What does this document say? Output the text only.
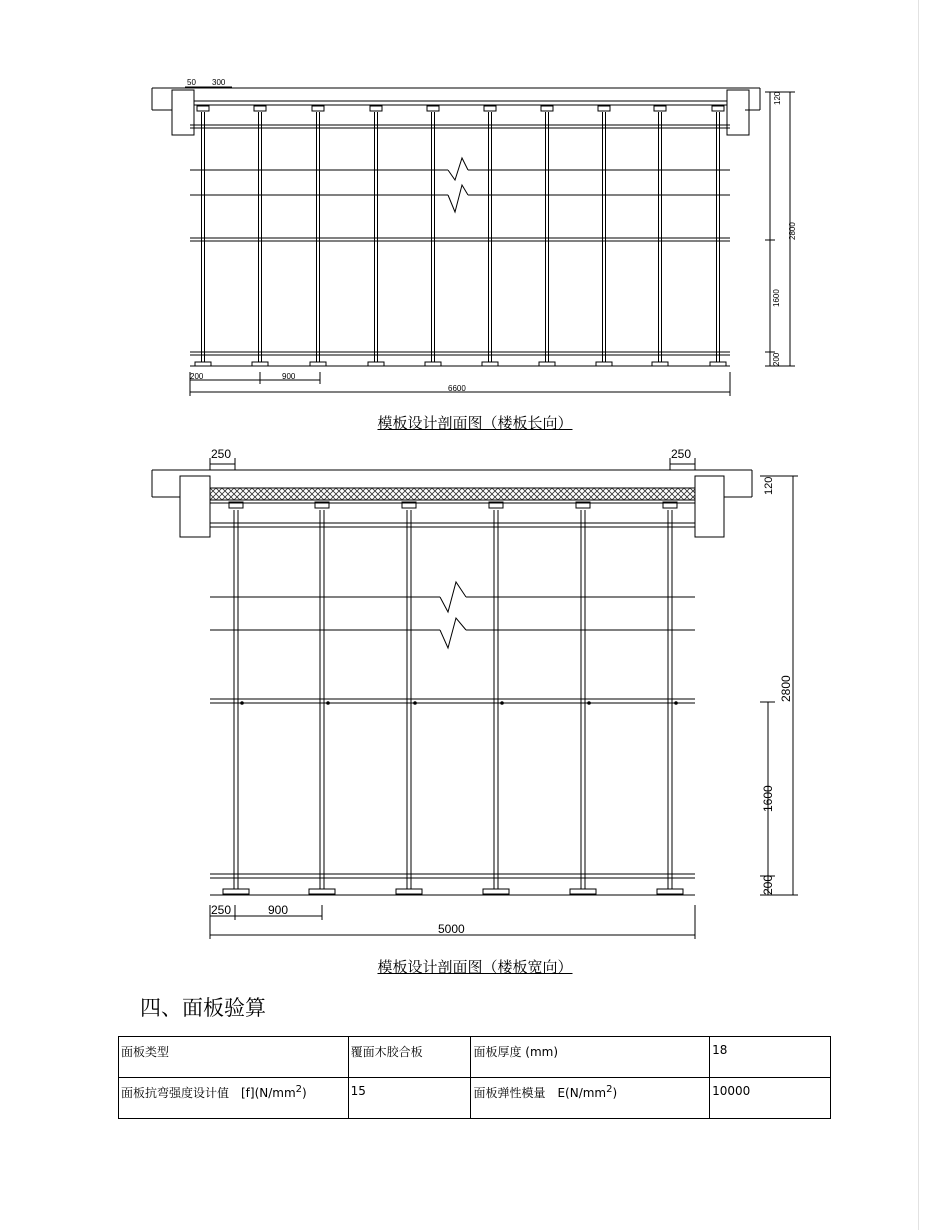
50 300
120
2800
1600
200
200	900
6600
模板设计剖面图（楼板长向）
250	250
120
2800
1600
200
250	900
5000
模板设计剖面图（楼板宽向）
四、面板验算
面板类型	覆面木胶合板	面板厚度 (mm)	18
面板抗弯强度设计值　$[f](N/mm^2)$	15	面板弹性模量　$E(N/mm^2)$	10000
